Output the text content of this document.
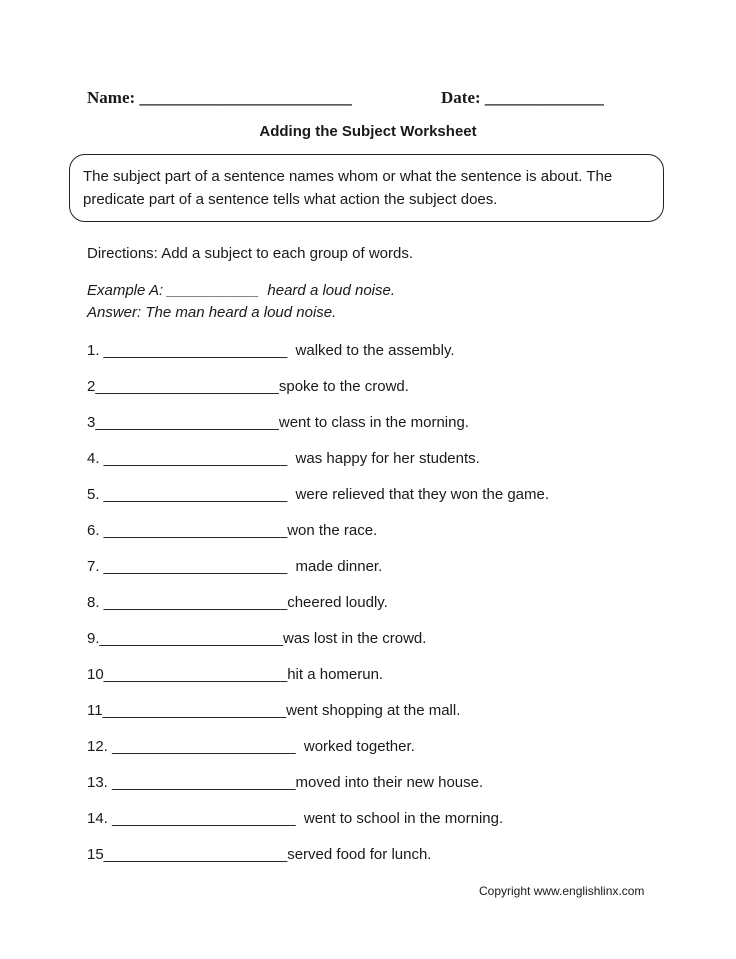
Name: _________________________	Date: ______________
Adding the Subject Worksheet
The subject part of a sentence names whom or what the sentence is about. The
predicate part of a sentence tells what action the subject does.
Directions: Add a subject to each group of words.
Example A: ___________  heard a loud noise.
Answer: The man heard a loud noise.
1. ______________________  walked to the assembly.
2______________________spoke to the crowd.
3______________________went to class in the morning.
4. ______________________  was happy for her students.
5. ______________________  were relieved that they won the game.
6. ______________________won the race.
7. ______________________  made dinner.
8. ______________________cheered loudly.
9.______________________was lost in the crowd.
10______________________hit a homerun.
11______________________went shopping at the mall.
12. ______________________  worked together.
13. ______________________moved into their new house.
14. ______________________  went to school in the morning.
15______________________served food for lunch.
Copyright www.englishlinx.com
